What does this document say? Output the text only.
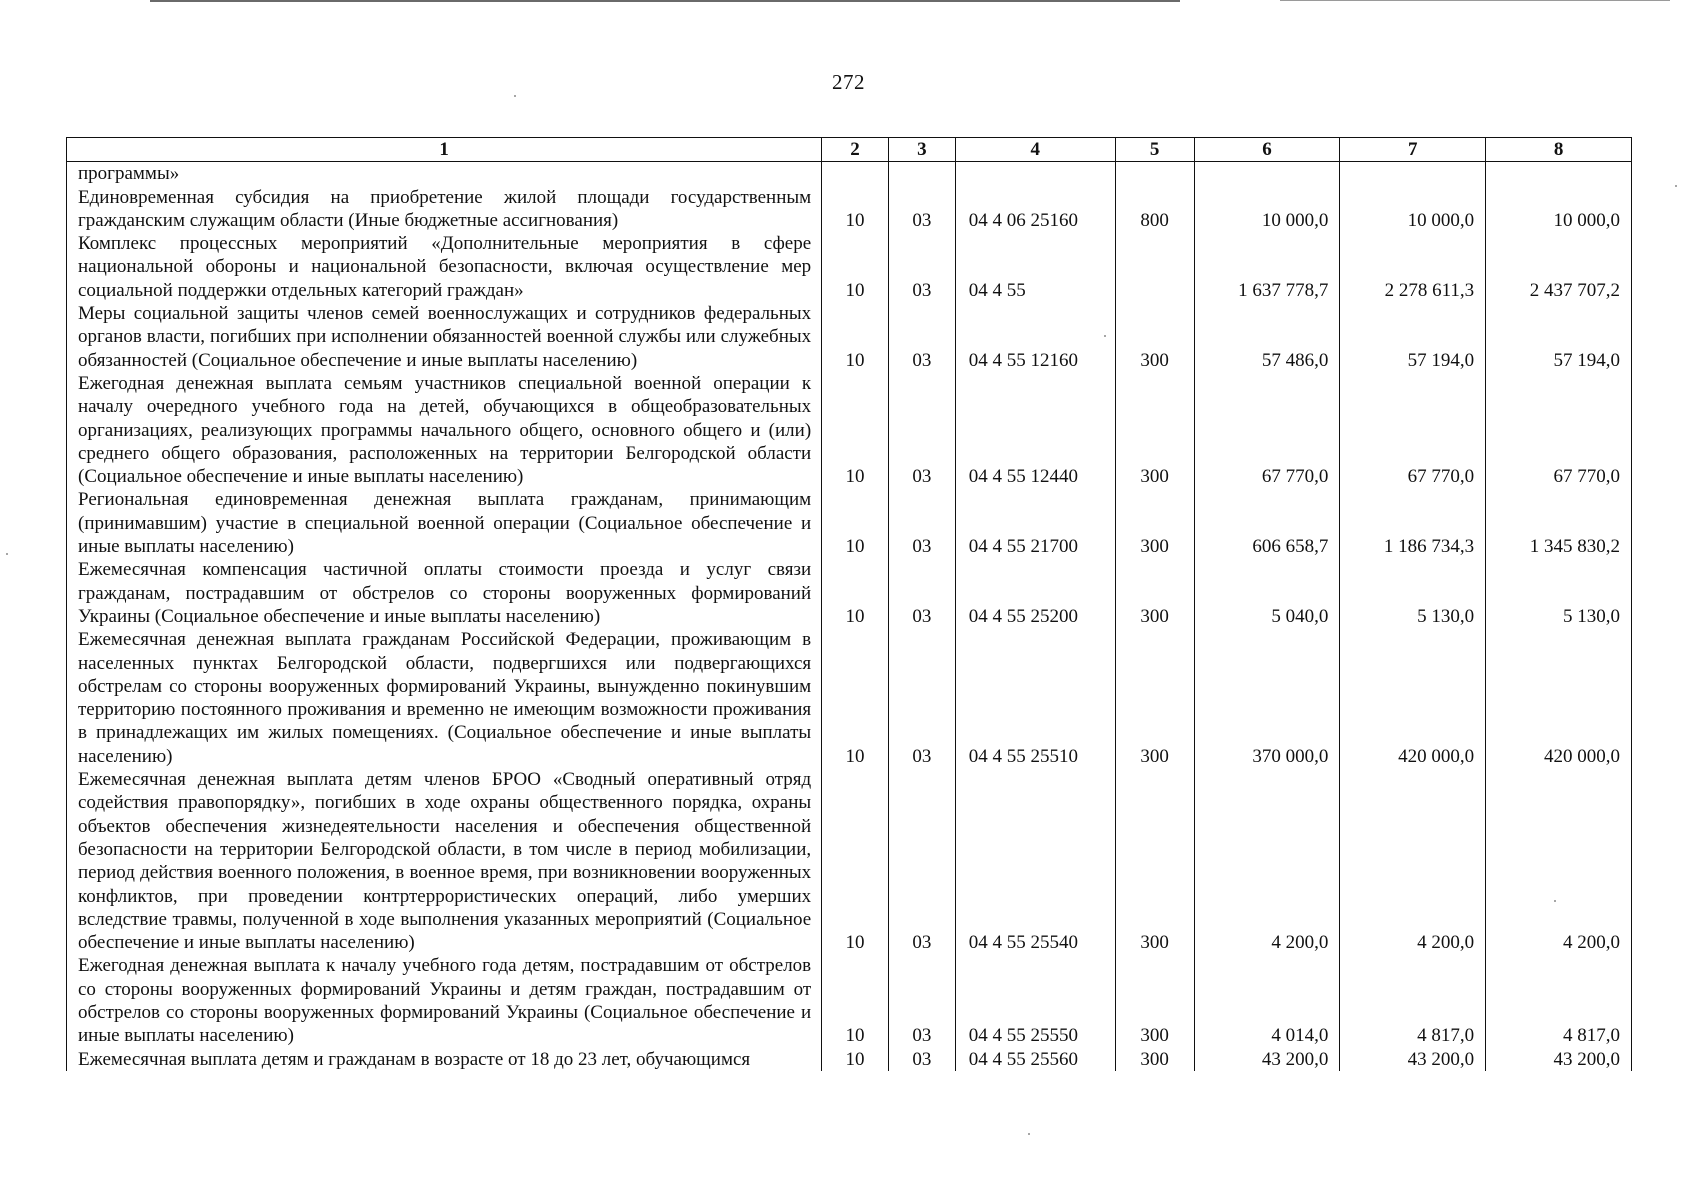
272
1	2	3	4	5	6	7	8
программы»							
Единовременная субсидия на приобретение жилой площади государственным гражданским служащим области (Иные бюджетные ассигнования)	10	03	04 4 06 25160	800	10 000,0	10 000,0	10 000,0
Комплекс процессных мероприятий «Дополнительные мероприятия в сфере национальной обороны и национальной безопасности, включая осуществление мер социальной поддержки отдельных категорий граждан»	10	03	04 4 55		1 637 778,7	2 278 611,3	2 437 707,2
Меры социальной защиты членов семей военнослужащих и сотрудников федеральных органов власти, погибших при исполнении обязанностей военной службы или служебных обязанностей (Социальное обеспечение и иные выплаты населению)	10	03	04 4 55 12160	300	57 486,0	57 194,0	57 194,0
Ежегодная денежная выплата семьям участников специальной военной операции к началу очередного учебного года на детей, обучающихся в общеобразовательных организациях, реализующих программы начального общего, основного общего и (или) среднего общего образования, расположенных на территории Белгородской области (Социальное обеспечение и иные выплаты населению)	10	03	04 4 55 12440	300	67 770,0	67 770,0	67 770,0
Региональная единовременная денежная выплата гражданам, принимающим (принимавшим) участие в специальной военной операции (Социальное обеспечение и иные выплаты населению)	10	03	04 4 55 21700	300	606 658,7	1 186 734,3	1 345 830,2
Ежемесячная компенсация частичной оплаты стоимости проезда и услуг связи гражданам, пострадавшим от обстрелов со стороны вооруженных формирований Украины (Социальное обеспечение и иные выплаты населению)	10	03	04 4 55 25200	300	5 040,0	5 130,0	5 130,0
Ежемесячная денежная выплата гражданам Российской Федерации, проживающим в населенных пунктах Белгородской области, подвергшихся или подвергающихся обстрелам со стороны вооруженных формирований Украины, вынужденно покинувшим территорию постоянного проживания и временно не имеющим возможности проживания в принадлежащих им жилых помещениях. (Социальное обеспечение и иные выплаты населению)	10	03	04 4 55 25510	300	370 000,0	420 000,0	420 000,0
Ежемесячная денежная выплата детям членов БРОО «Сводный оперативный отряд содействия правопорядку», погибших в ходе охраны общественного порядка, охраны объектов обеспечения жизнедеятельности населения и обеспечения общественной безопасности на территории Белгородской области, в том числе в период мобилизации, период действия военного положения, в военное время, при возникновении вооруженных конфликтов, при проведении контртеррористических операций, либо умерших вследствие травмы, полученной в ходе выполнения указанных мероприятий (Социальное обеспечение и иные выплаты населению)	10	03	04 4 55 25540	300	4 200,0	4 200,0	4 200,0
Ежегодная денежная выплата к началу учебного года детям, пострадавшим от обстрелов со стороны вооруженных формирований Украины и детям граждан, пострадавшим от обстрелов со стороны вооруженных формирований Украины (Социальное обеспечение и иные выплаты населению)	10	03	04 4 55 25550	300	4 014,0	4 817,0	4 817,0
Ежемесячная выплата детям и гражданам в возрасте от 18 до 23 лет, обучающимся	10	03	04 4 55 25560	300	43 200,0	43 200,0	43 200,0
